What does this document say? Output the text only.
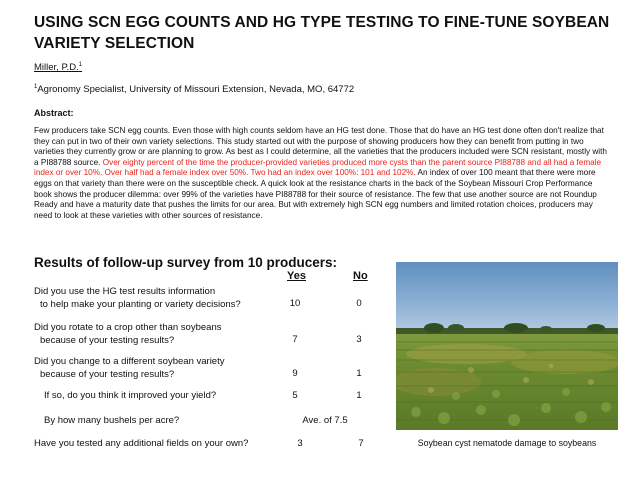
USING SCN EGG COUNTS AND HG TYPE TESTING TO FINE-TUNE SOYBEAN VARIETY SELECTION
Miller, P.D.$^1$
$^1$Agronomy Specialist, University of Missouri Extension, Nevada, MO, 64772
Abstract:

Few producers take SCN egg counts. Even those with high counts seldom have an HG test done. Those that do have an HG test done often don't realize that they can put in two of their own variety selections. This study started out with the purpose of showing producers how they can benefit from putting in two varieties they currently grow or are planning to grow. As best as I could determine, all the varieties that the producers included were SCN resistant, mostly with a PI88788 source. Over eighty percent of the time the producer-provided varieties produced more cysts than the parent source PI88788 and all had a female index or over 10%. Over half had a female index over 50%. Two had an index over 100%: 101 and 102%. An index of over 100 meant that there were more eggs on that variety than there were on the susceptible check. A quick look at the resistance charts in the back of the Soybean Missouri Crop Performance book shows the producer dilemma: over 99% of the varieties have PI88788 for their source of resistance. The few that use another source are not Roundup Ready and have a maturity date that pushes the limits for our area. But with extremely high SCN egg numbers and limited rotation choices, producers may need to look at these varieties with other sources of resistance.

Results of follow-up survey from 10 producers:
Yes	No
Did you use the HG test results information
to help make your planting or variety decisions?	10	0
Did you rotate to a crop other than soybeans
because of your testing results?	7	3
Did you change to a different soybean variety
because of your testing results?	9	1
If so, do you think it improved your yield?	5	1
By how many bushels per acre?	Ave. of 7.5
Have you tested any additional fields on your own?	3	7	Soybean cyst nematode damage to soybeans
